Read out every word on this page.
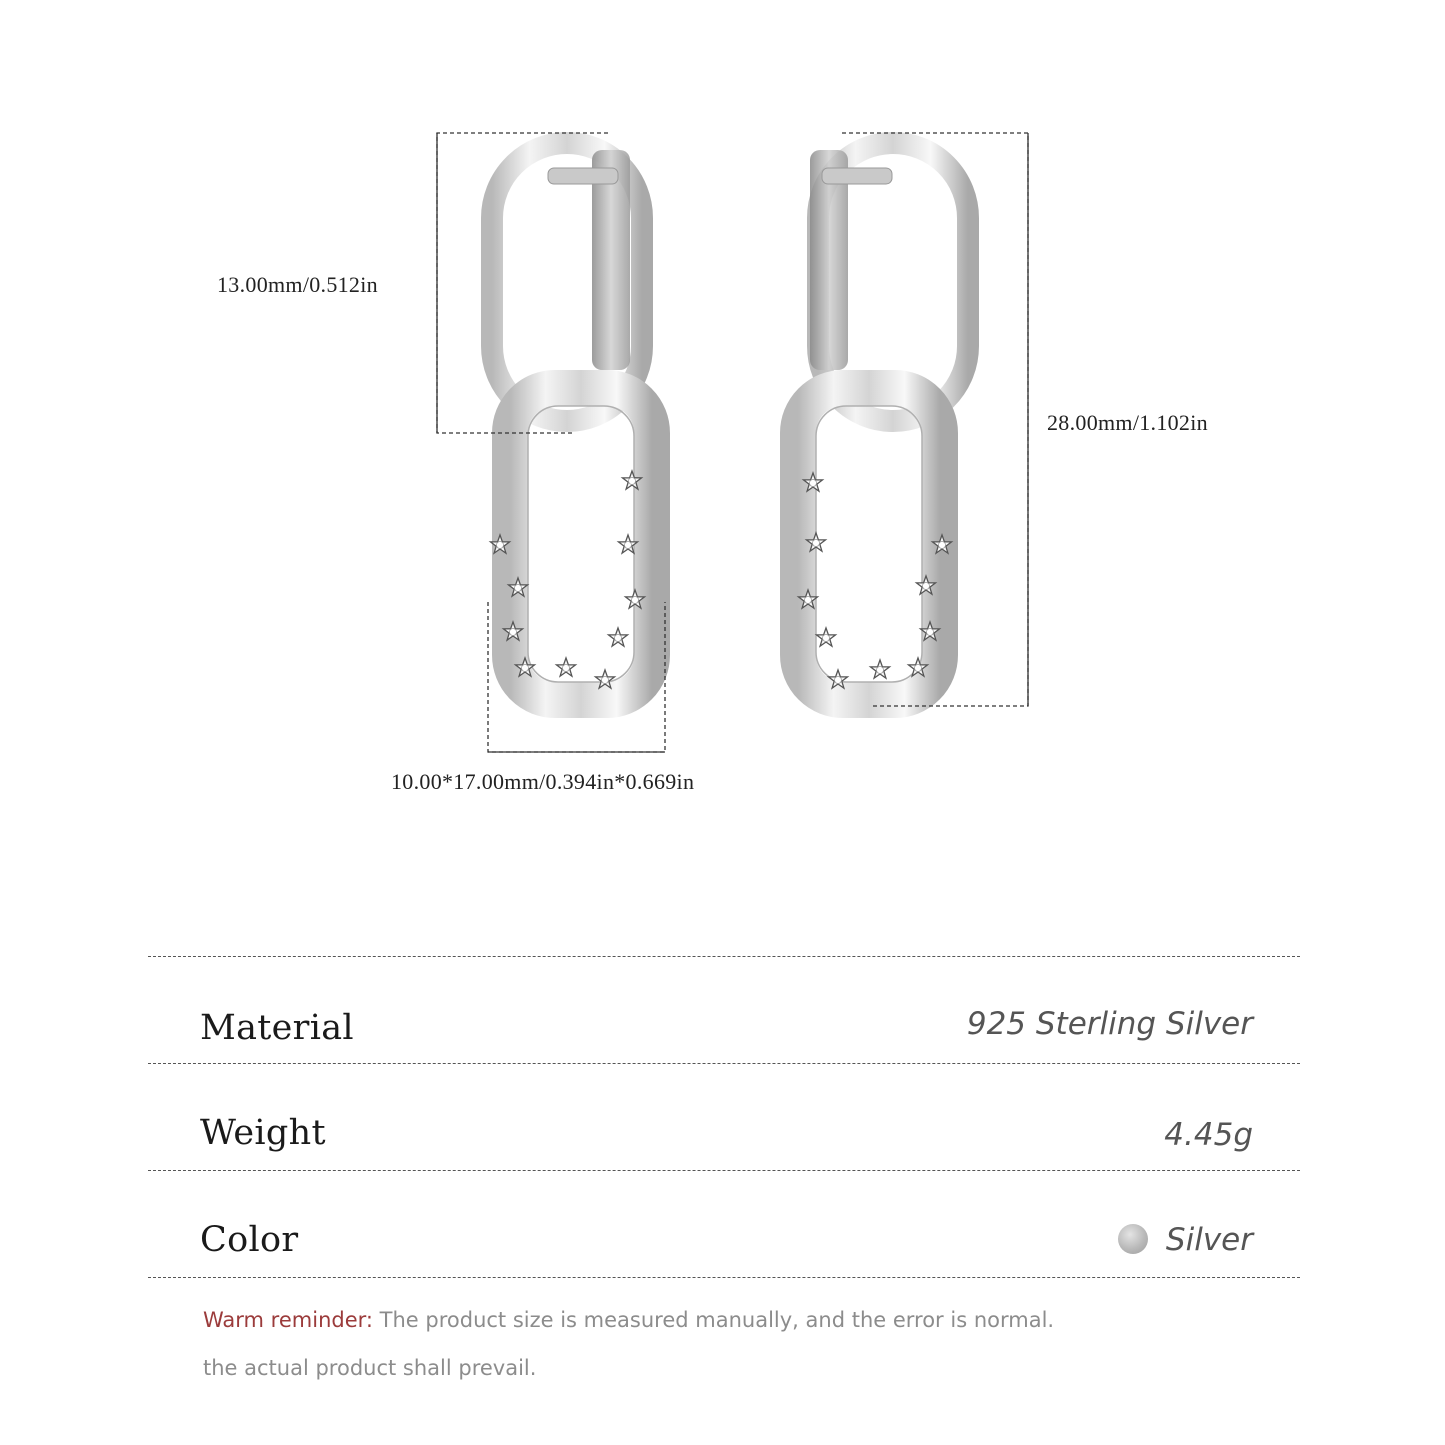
13.00mm/0.512in
28.00mm/1.102in
10.00*17.00mm/0.394in*0.669in
Material	925 Sterling Silver
Weight	4.45g
Color	Silver
Warm reminder: The product size is measured manually, and the error is normal.
the actual product shall prevail.
